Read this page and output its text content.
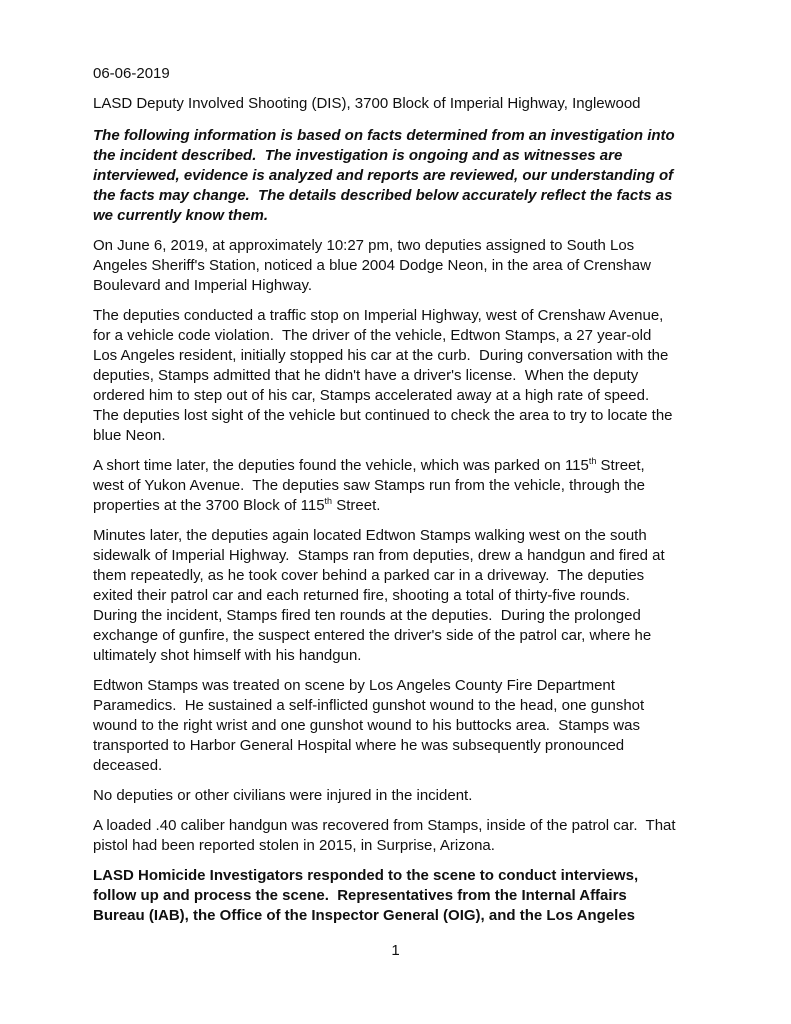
06-06-2019
LASD Deputy Involved Shooting (DIS), 3700 Block of Imperial Highway, Inglewood
The following information is based on facts determined from an investigation into
the incident described.  The investigation is ongoing and as witnesses are
interviewed, evidence is analyzed and reports are reviewed, our understanding of
the facts may change.  The details described below accurately reflect the facts as
we currently know them.
On June 6, 2019, at approximately 10:27 pm, two deputies assigned to South Los
Angeles Sheriff's Station, noticed a blue 2004 Dodge Neon, in the area of Crenshaw
Boulevard and Imperial Highway.
The deputies conducted a traffic stop on Imperial Highway, west of Crenshaw Avenue,
for a vehicle code violation.  The driver of the vehicle, Edtwon Stamps, a 27 year-old
Los Angeles resident, initially stopped his car at the curb.  During conversation with the
deputies, Stamps admitted that he didn't have a driver's license.  When the deputy
ordered him to step out of his car, Stamps accelerated away at a high rate of speed.
The deputies lost sight of the vehicle but continued to check the area to try to locate the
blue Neon.
A short time later, the deputies found the vehicle, which was parked on 115th Street,
west of Yukon Avenue.  The deputies saw Stamps run from the vehicle, through the
properties at the 3700 Block of 115th Street.
Minutes later, the deputies again located Edtwon Stamps walking west on the south
sidewalk of Imperial Highway.  Stamps ran from deputies, drew a handgun and fired at
them repeatedly, as he took cover behind a parked car in a driveway.  The deputies
exited their patrol car and each returned fire, shooting a total of thirty-five rounds.
During the incident, Stamps fired ten rounds at the deputies.  During the prolonged
exchange of gunfire, the suspect entered the driver's side of the patrol car, where he
ultimately shot himself with his handgun.
Edtwon Stamps was treated on scene by Los Angeles County Fire Department
Paramedics.  He sustained a self-inflicted gunshot wound to the head, one gunshot
wound to the right wrist and one gunshot wound to his buttocks area.  Stamps was
transported to Harbor General Hospital where he was subsequently pronounced
deceased.
No deputies or other civilians were injured in the incident.
A loaded .40 caliber handgun was recovered from Stamps, inside of the patrol car.  That
pistol had been reported stolen in 2015, in Surprise, Arizona.
LASD Homicide Investigators responded to the scene to conduct interviews,
follow up and process the scene.  Representatives from the Internal Affairs
Bureau (IAB), the Office of the Inspector General (OIG), and the Los Angeles
1
